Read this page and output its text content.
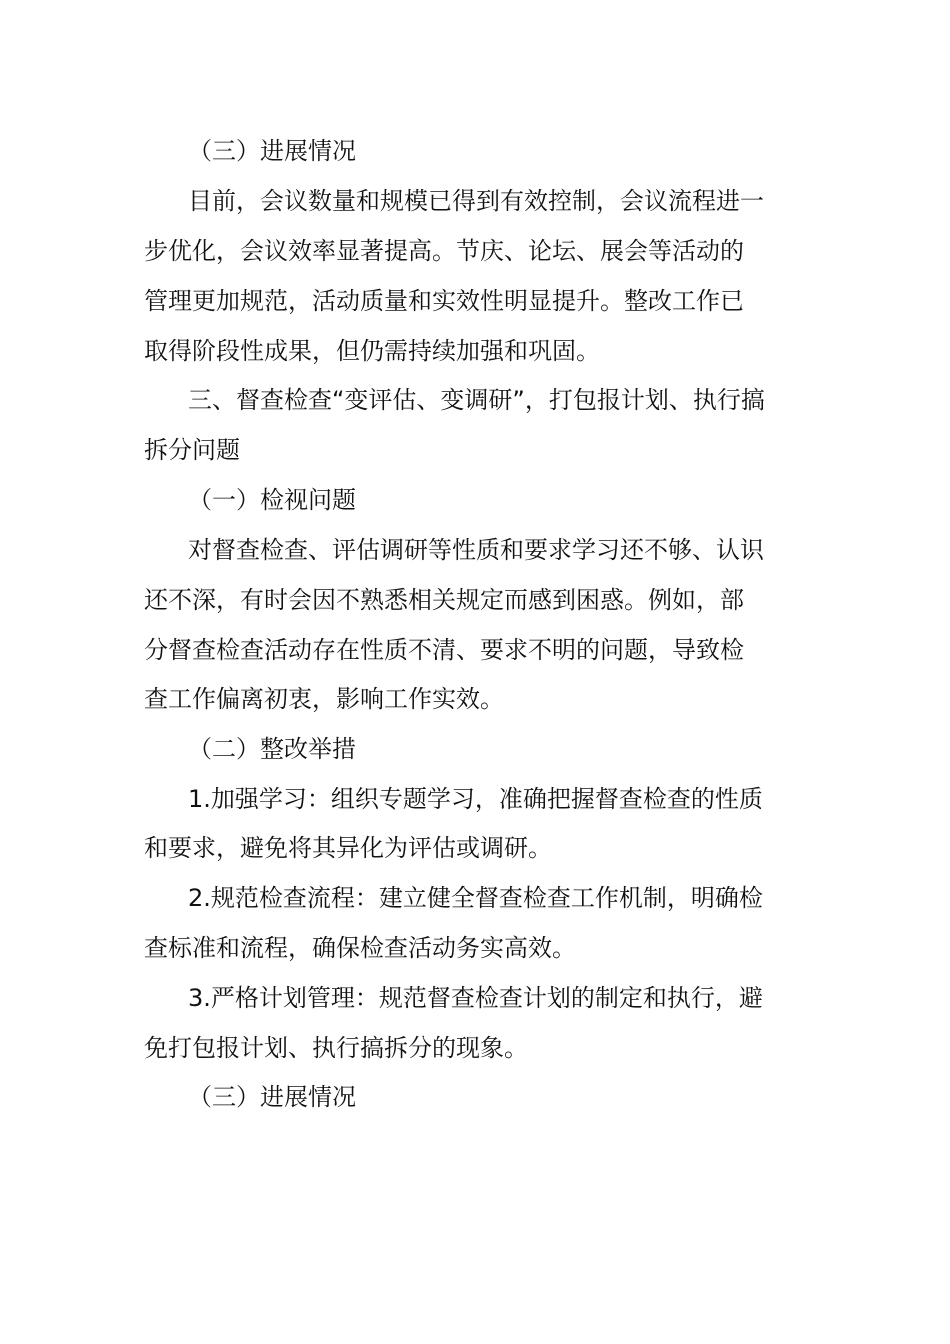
（三）进展情况
目前，会议数量和规模已得到有效控制，会议流程进一
步优化，会议效率显著提高。节庆、论坛、展会等活动的
管理更加规范，活动质量和实效性明显提升。整改工作已
取得阶段性成果，但仍需持续加强和巩固。
三、督查检查“变评估、变调研”，打包报计划、执行搞
拆分问题
（一）检视问题
对督查检查、评估调研等性质和要求学习还不够、认识
还不深，有时会因不熟悉相关规定而感到困惑。例如，部
分督查检查活动存在性质不清、要求不明的问题，导致检
查工作偏离初衷，影响工作实效。
（二）整改举措
1.加强学习：组织专题学习，准确把握督查检查的性质
和要求，避免将其异化为评估或调研。
2.规范检查流程：建立健全督查检查工作机制，明确检
查标准和流程，确保检查活动务实高效。
3.严格计划管理：规范督查检查计划的制定和执行，避
免打包报计划、执行搞拆分的现象。
（三）进展情况
